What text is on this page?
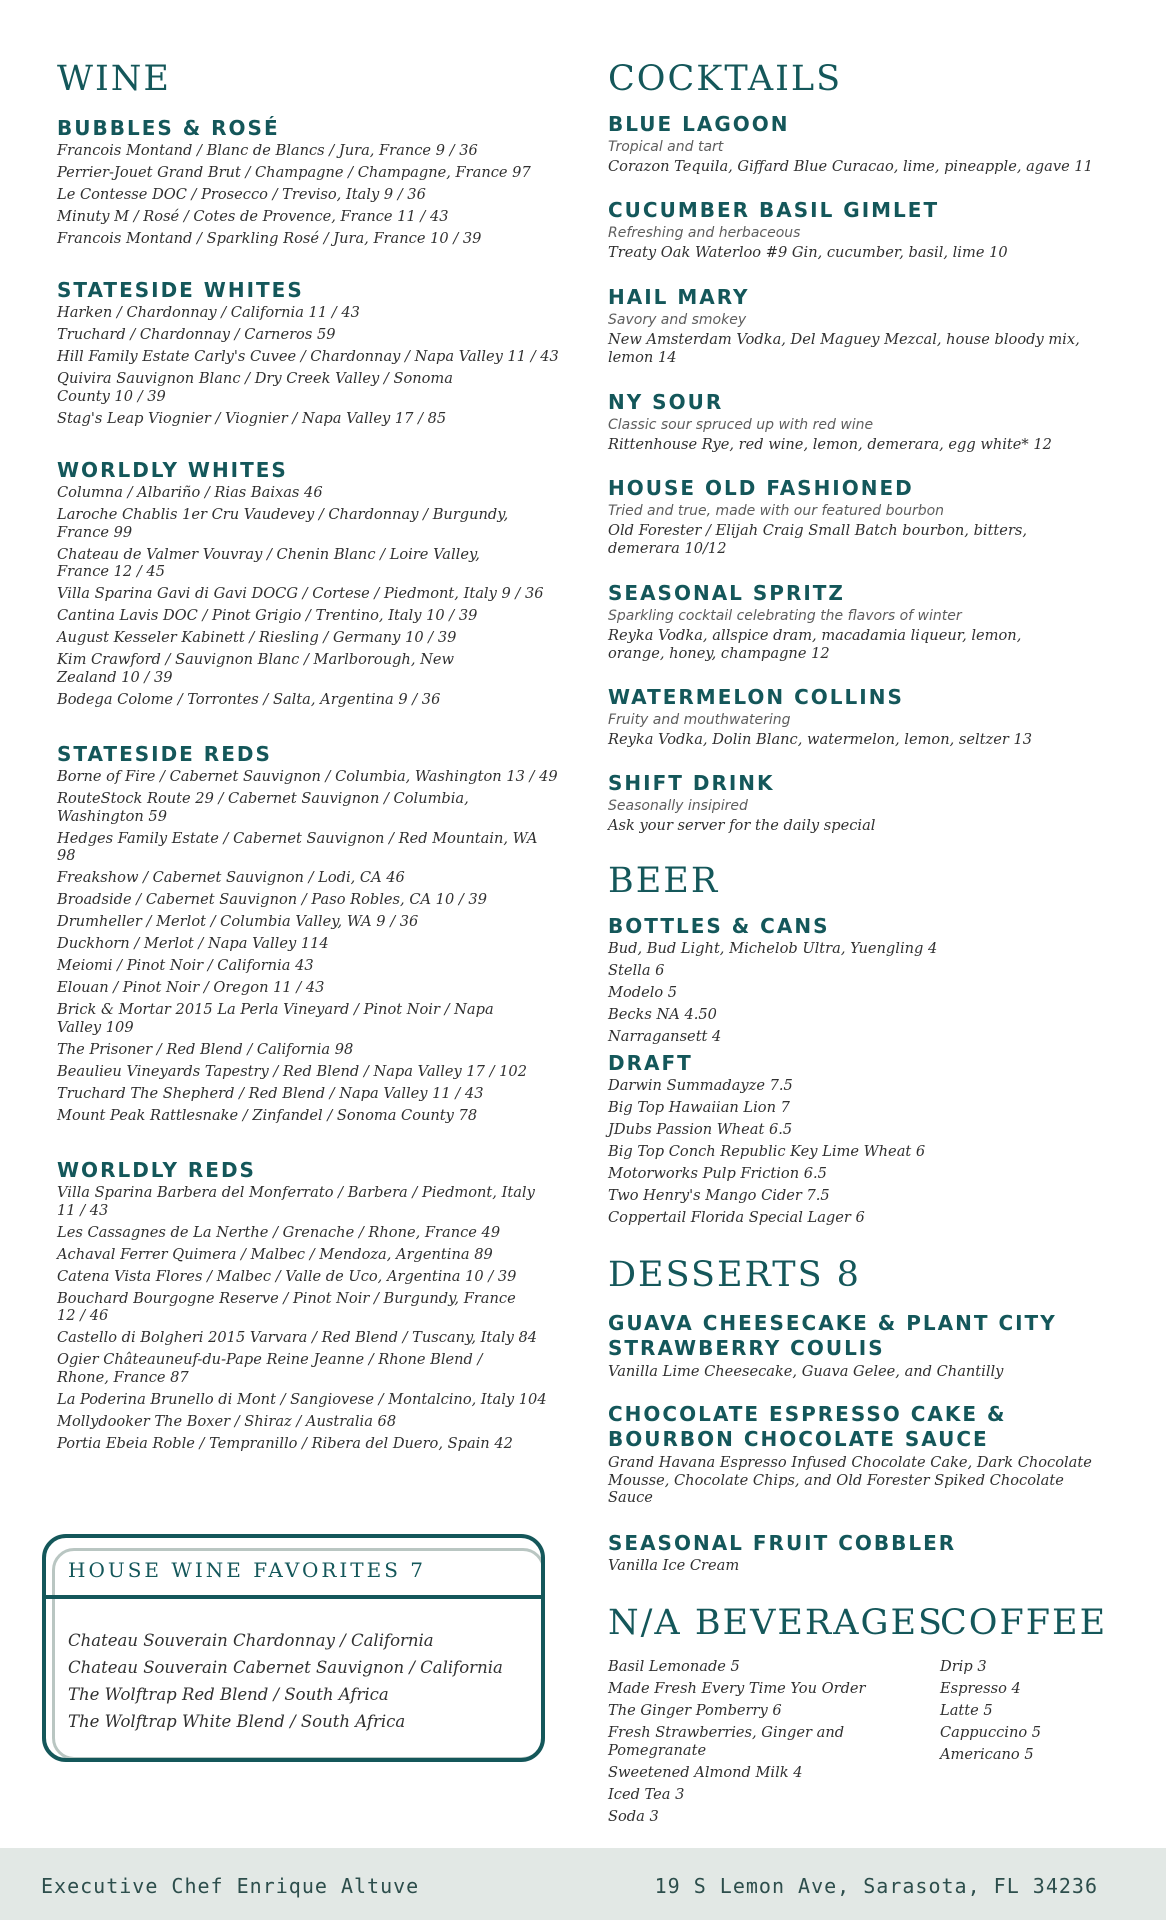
WINE
BUBBLES & ROSÉ
Francois Montand / Blanc de Blancs / Jura, France 9 / 36
Perrier-Jouet Grand Brut / Champagne / Champagne, France 97
Le Contesse DOC / Prosecco / Treviso, Italy 9 / 36
Minuty M / Rosé / Cotes de Provence, France 11 / 43
Francois Montand / Sparkling Rosé / Jura, France 10 / 39
STATESIDE WHITES
Harken / Chardonnay / California 11 / 43
Truchard / Chardonnay / Carneros 59
Hill Family Estate Carly's Cuvee / Chardonnay / Napa Valley 11 / 43
Quivira Sauvignon Blanc / Dry Creek Valley / Sonoma County 10 / 39
Stag's Leap Viognier / Viognier / Napa Valley 17 / 85
WORLDLY WHITES
Columna / Albariño / Rias Baixas 46
Laroche Chablis 1er Cru Vaudevey / Chardonnay / Burgundy, France 99
Chateau de Valmer Vouvray / Chenin Blanc / Loire Valley, France 12 / 45
Villa Sparina Gavi di Gavi DOCG / Cortese / Piedmont, Italy 9 / 36
Cantina Lavis DOC / Pinot Grigio / Trentino, Italy 10 / 39
August Kesseler Kabinett / Riesling / Germany 10 / 39
Kim Crawford / Sauvignon Blanc / Marlborough, New Zealand 10 / 39
Bodega Colome / Torrontes / Salta, Argentina 9 / 36
STATESIDE REDS
Borne of Fire / Cabernet Sauvignon / Columbia, Washington 13 / 49
RouteStock Route 29 / Cabernet Sauvignon / Columbia, Washington 59
Hedges Family Estate / Cabernet Sauvignon / Red Mountain, WA 98
Freakshow / Cabernet Sauvignon / Lodi, CA 46
Broadside / Cabernet Sauvignon / Paso Robles, CA 10 / 39
Drumheller / Merlot / Columbia Valley, WA 9 / 36
Duckhorn / Merlot / Napa Valley 114
Meiomi / Pinot Noir / California 43
Elouan / Pinot Noir / Oregon 11 / 43
Brick & Mortar 2015 La Perla Vineyard / Pinot Noir / Napa Valley 109
The Prisoner / Red Blend / California 98
Beaulieu Vineyards Tapestry / Red Blend / Napa Valley 17 / 102
Truchard The Shepherd / Red Blend / Napa Valley 11 / 43
Mount Peak Rattlesnake / Zinfandel / Sonoma County 78
WORLDLY REDS
Villa Sparina Barbera del Monferrato / Barbera / Piedmont, Italy 11 / 43
Les Cassagnes de La Nerthe / Grenache / Rhone, France 49
Achaval Ferrer Quimera / Malbec / Mendoza, Argentina 89
Catena Vista Flores / Malbec / Valle de Uco, Argentina 10 / 39
Bouchard Bourgogne Reserve / Pinot Noir / Burgundy, France 12 / 46
Castello di Bolgheri 2015 Varvara / Red Blend / Tuscany, Italy 84
Ogier Châteauneuf-du-Pape Reine Jeanne / Rhone Blend / Rhone, France 87
La Poderina Brunello di Mont / Sangiovese / Montalcino, Italy 104
Mollydooker The Boxer / Shiraz / Australia 68
Portia Ebeia Roble / Tempranillo / Ribera del Duero, Spain 42
HOUSE WINE FAVORITES 7
Chateau Souverain Chardonnay / California
Chateau Souverain Cabernet Sauvignon / California
The Wolftrap Red Blend / South Africa
The Wolftrap White Blend / South Africa
COCKTAILS
BLUE LAGOON
Tropical and tart
Corazon Tequila, Giffard Blue Curacao, lime, pineapple, agave 11
CUCUMBER BASIL GIMLET
Refreshing and herbaceous
Treaty Oak Waterloo #9 Gin, cucumber, basil, lime 10
HAIL MARY
Savory and smokey
New Amsterdam Vodka, Del Maguey Mezcal, house bloody mix, lemon 14
NY SOUR
Classic sour spruced up with red wine
Rittenhouse Rye, red wine, lemon, demerara, egg white* 12
HOUSE OLD FASHIONED
Tried and true, made with our featured bourbon
Old Forester / Elijah Craig Small Batch bourbon, bitters, demerara 10/12
SEASONAL SPRITZ
Sparkling cocktail celebrating the flavors of winter
Reyka Vodka, allspice dram, macadamia liqueur, lemon, orange, honey, champagne 12
WATERMELON COLLINS
Fruity and mouthwatering
Reyka Vodka, Dolin Blanc, watermelon, lemon, seltzer 13
SHIFT DRINK
Seasonally insipired
Ask your server for the daily special
BEER
BOTTLES & CANS
Bud, Bud Light, Michelob Ultra, Yuengling 4
Stella 6
Modelo 5
Becks NA 4.50
Narragansett 4
DRAFT
Darwin Summadayze 7.5
Big Top Hawaiian Lion 7
JDubs Passion Wheat 6.5
Big Top Conch Republic Key Lime Wheat 6
Motorworks Pulp Friction 6.5
Two Henry's Mango Cider 7.5
Coppertail Florida Special Lager 6
DESSERTS 8
GUAVA CHEESECAKE & PLANT CITY STRAWBERRY COULIS
Vanilla Lime Cheesecake, Guava Gelee, and Chantilly
CHOCOLATE ESPRESSO CAKE & BOURBON CHOCOLATE SAUCE
Grand Havana Espresso Infused Chocolate Cake, Dark Chocolate Mousse, Chocolate Chips, and Old Forester Spiked Chocolate Sauce
SEASONAL FRUIT COBBLER
Vanilla Ice Cream
N/A BEVERAGES
Basil Lemonade 5
Made Fresh Every Time You Order
The Ginger Pomberry 6
Fresh Strawberries, Ginger and Pomegranate
Sweetened Almond Milk 4
Iced Tea 3
Soda 3
COFFEE
Drip 3
Espresso 4
Latte 5
Cappuccino 5
Americano 5
Executive Chef Enrique Altuve	19 S Lemon Ave, Sarasota, FL 34236
